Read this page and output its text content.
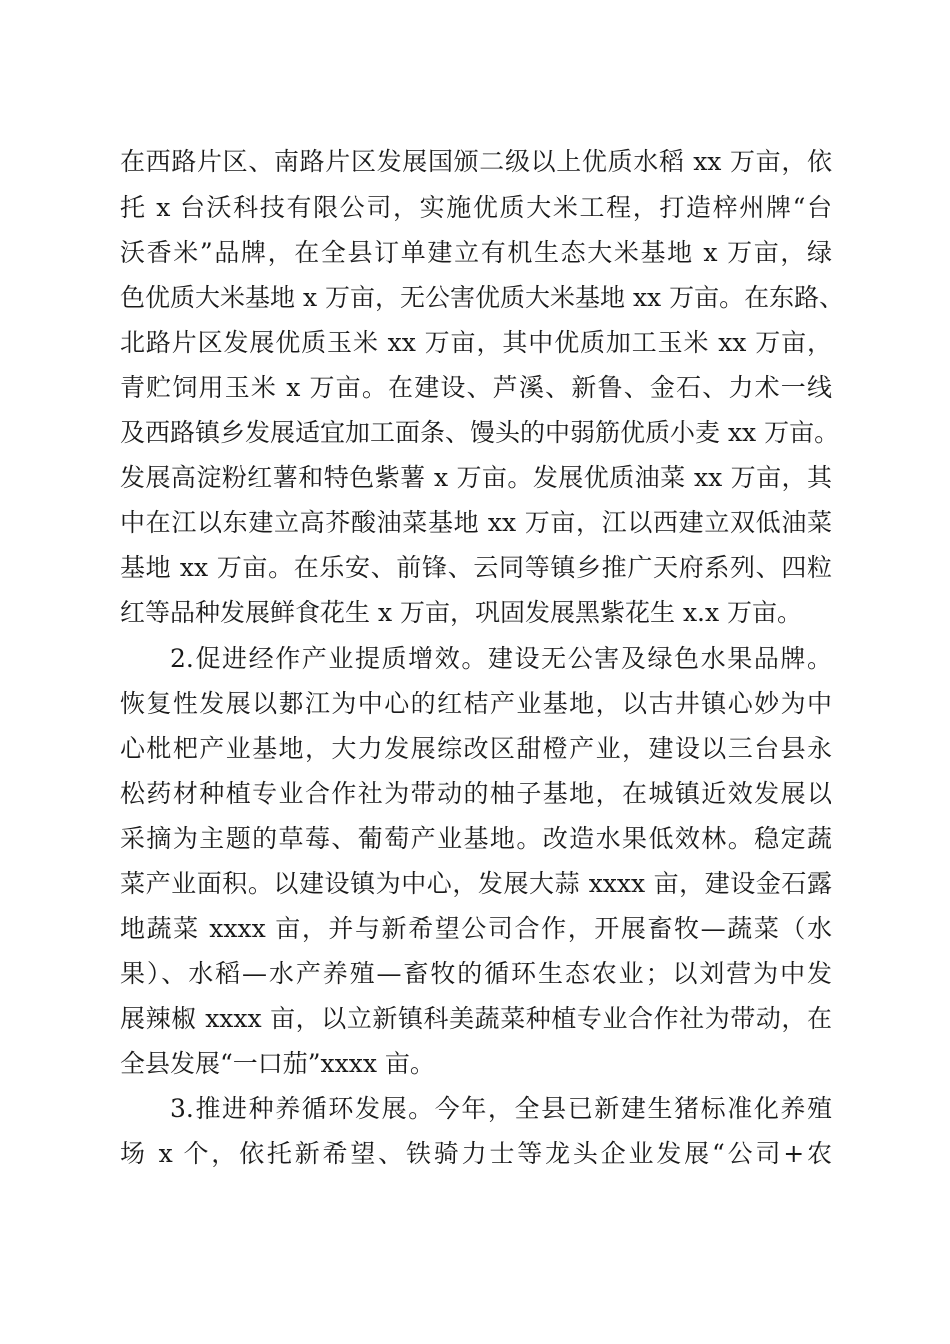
在西路片区、南路片区发展国颁二级以上优质水稻 xx 万亩，依
托 x 台沃科技有限公司，实施优质大米工程，打造梓州牌“台
沃香米”品牌，在全县订单建立有机生态大米基地 x 万亩，绿
色优质大米基地 x 万亩，无公害优质大米基地 xx 万亩。在东路、
北路片区发展优质玉米 xx 万亩，其中优质加工玉米 xx 万亩，
青贮饲用玉米 x 万亩。在建设、芦溪、新鲁、金石、力术一线
及西路镇乡发展适宜加工面条、馒头的中弱筋优质小麦 xx 万亩。
发展高淀粉红薯和特色紫薯 x 万亩。发展优质油菜 xx 万亩，其
中在江以东建立高芥酸油菜基地 xx 万亩，江以西建立双低油菜
基地 xx 万亩。在乐安、前锋、云同等镇乡推广天府系列、四粒
红等品种发展鲜食花生 x 万亩，巩固发展黑紫花生 x.x 万亩。
2.促进经作产业提质增效。建设无公害及绿色水果品牌。
恢复性发展以郪江为中心的红桔产业基地，以古井镇心妙为中
心枇杷产业基地，大力发展综改区甜橙产业，建设以三台县永
松药材种植专业合作社为带动的柚子基地，在城镇近效发展以
采摘为主题的草莓、葡萄产业基地。改造水果低效林。稳定蔬
菜产业面积。以建设镇为中心，发展大蒜 xxxx 亩，建设金石露
地蔬菜 xxxx 亩，并与新希望公司合作，开展畜牧—蔬菜（水
果）、水稻—水产养殖—畜牧的循环生态农业；以刘营为中发
展辣椒 xxxx 亩，以立新镇科美蔬菜种植专业合作社为带动，在
全县发展“一口茄”xxxx 亩。
3.推进种养循环发展。今年，全县已新建生猪标准化养殖
场 x 个，依托新希望、铁骑力士等龙头企业发展“公司+农
